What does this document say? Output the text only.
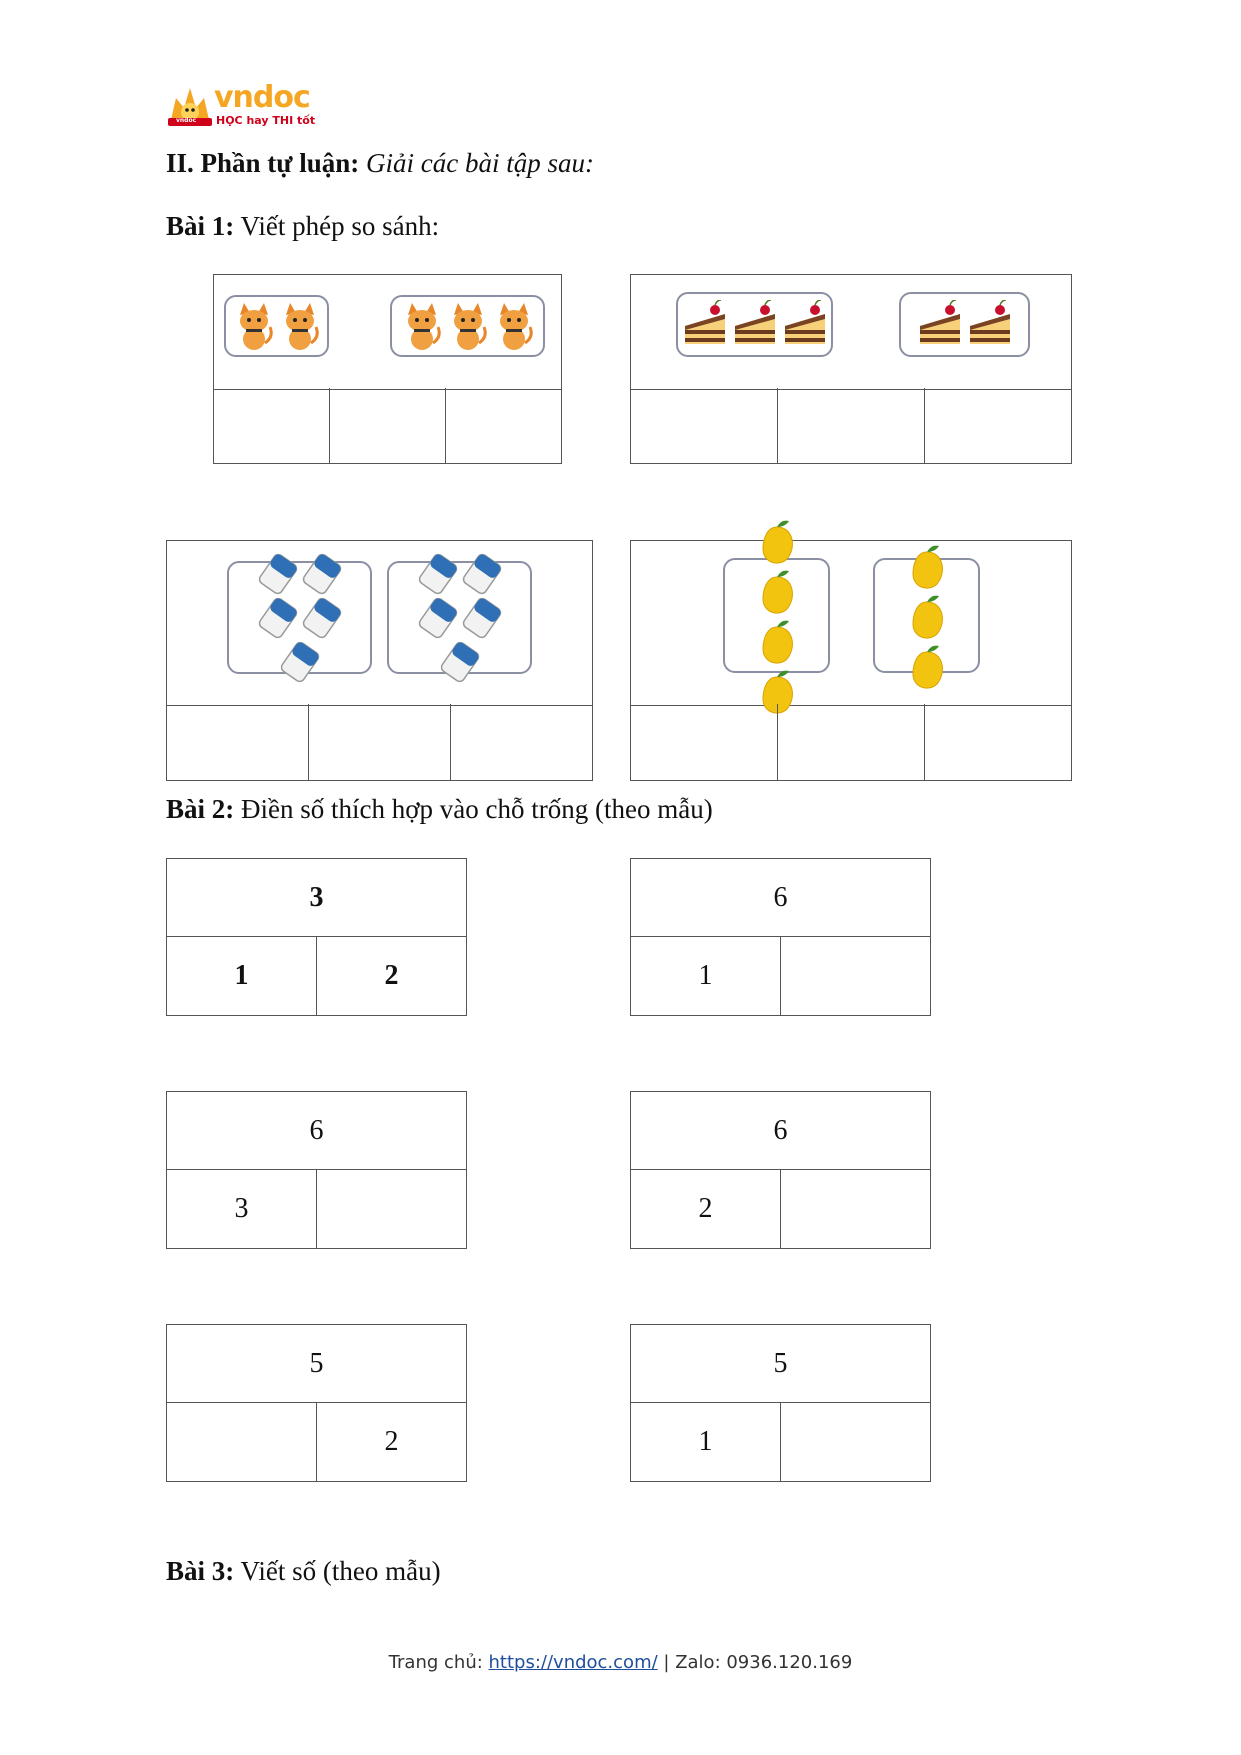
vndoc
vndoc
HỌC hay THI tốt
II. Phần tự luận: Giải các bài tập sau:
Bài 1: Viết phép so sánh:
Bài 2: Điền số thích hợp vào chỗ trống (theo mẫu)
3
1	2
6
1
6
3
6
2
5
2
5
1
Bài 3: Viết số (theo mẫu)
Trang chủ: https://vndoc.com/ | Zalo: 0936.120.169
